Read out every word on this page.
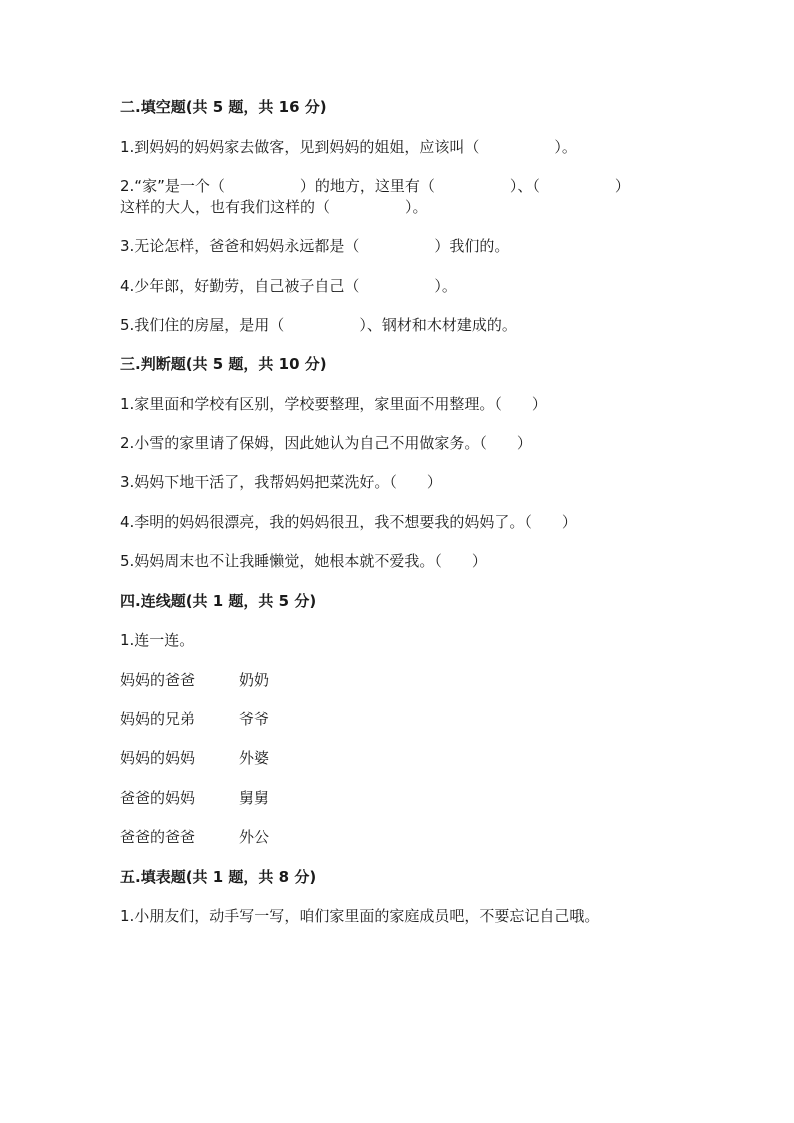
二.填空题(共 5 题，共 16 分)
1.到妈妈的妈妈家去做客，见到妈妈的姐姐，应该叫（　　　　　）。
2.“家”是一个（　　　　　）的地方，这里有（　　　　　）、（　　　　　）
这样的大人，也有我们这样的（　　　　　）。
3.无论怎样，爸爸和妈妈永远都是（　　　　　）我们的。
4.少年郎，好勤劳，自己被子自己（　　　　　）。
5.我们住的房屋，是用（　　　　　）、钢材和木材建成的。
三.判断题(共 5 题，共 10 分)
1.家里面和学校有区别，学校要整理，家里面不用整理。（　　）
2.小雪的家里请了保姆，因此她认为自己不用做家务。（　　）
3.妈妈下地干活了，我帮妈妈把菜洗好。（　　）
4.李明的妈妈很漂亮，我的妈妈很丑，我不想要我的妈妈了。（　　）
5.妈妈周末也不让我睡懒觉，她根本就不爱我。（　　）
四.连线题(共 1 题，共 5 分)
1.连一连。
妈妈的爸爸	奶奶
妈妈的兄弟	爷爷
妈妈的妈妈	外婆
爸爸的妈妈	舅舅
爸爸的爸爸	外公
五.填表题(共 1 题，共 8 分)
1.小朋友们，动手写一写，咱们家里面的家庭成员吧，不要忘记自己哦。
